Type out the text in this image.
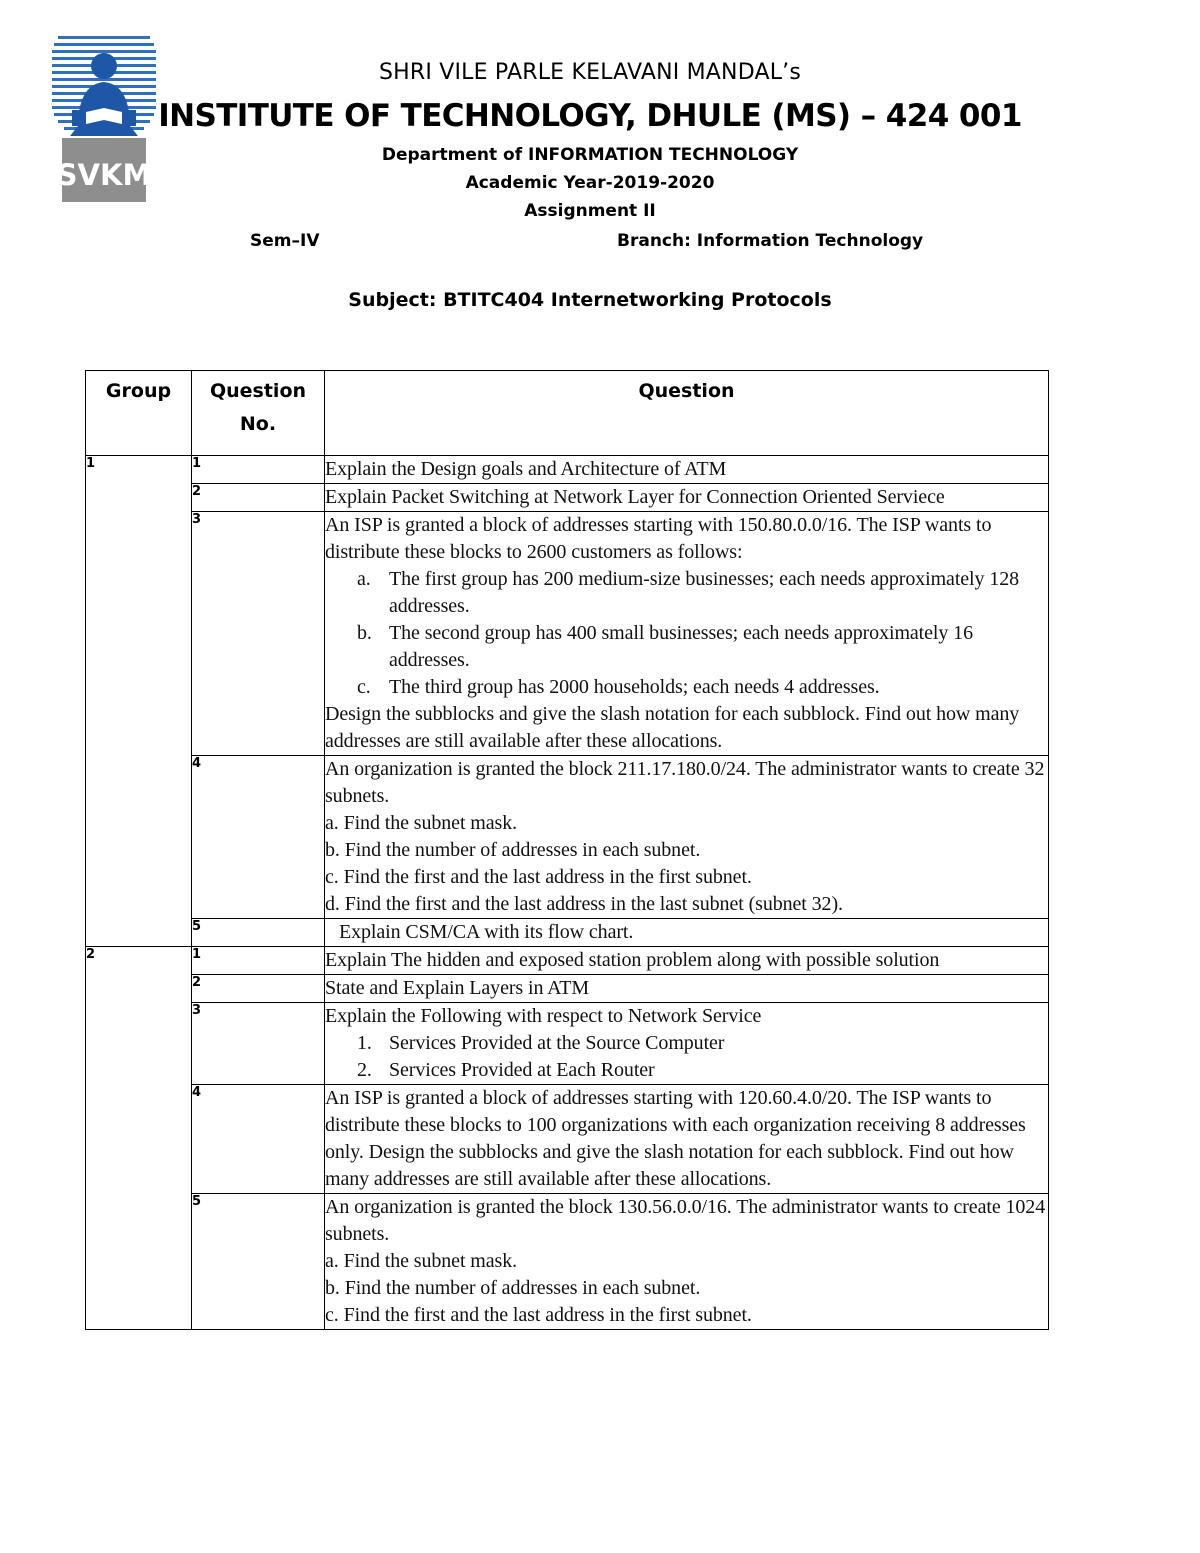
SVKM
SHRI VILE PARLE KELAVANI MANDAL’s
INSTITUTE OF TECHNOLOGY, DHULE (MS) – 424 001
Department of INFORMATION TECHNOLOGY
Academic Year-2019-2020
Assignment II
Sem–IV	Branch: Information Technology
Subject: BTITC404 Internetworking Protocols
Group	Question No.	Question
1	1	Explain the Design goals and Architecture of ATM

	2	Explain Packet Switching at Network Layer for Connection Oriented Serviece

	3	An ISP is granted a block of addresses starting with 150.80.0.0/16. The ISP wants to distribute these blocks to 2600 customers as follows:
a. The first group has 200 medium-size businesses; each needs approximately 128 addresses.
b. The second group has 400 small businesses; each needs approximately 16 addresses.
c. The third group has 2000 households; each needs 4 addresses.
Design the subblocks and give the slash notation for each subblock. Find out how many addresses are still available after these allocations.

	4	An organization is granted the block 211.17.180.0/24. The administrator wants to create 32 subnets.
a. Find the subnet mask.
b. Find the number of addresses in each subnet.
c. Find the first and the last address in the first subnet.
d. Find the first and the last address in the last subnet (subnet 32).

	5	Explain CSM/CA with its flow chart.

2	1	Explain The hidden and exposed station problem along with possible solution

	2	State and Explain Layers in ATM

	3	Explain the Following with respect to Network Service
1. Services Provided at the Source Computer
2. Services Provided at Each Router

	4	An ISP is granted a block of addresses starting with 120.60.4.0/20. The ISP wants to distribute these blocks to 100 organizations with each organization receiving 8 addresses only. Design the subblocks and give the slash notation for each subblock. Find out how many addresses are still available after these allocations.

	5	An organization is granted the block 130.56.0.0/16. The administrator wants to create 1024 subnets.
a. Find the subnet mask.
b. Find the number of addresses in each subnet.
c. Find the first and the last address in the first subnet.
